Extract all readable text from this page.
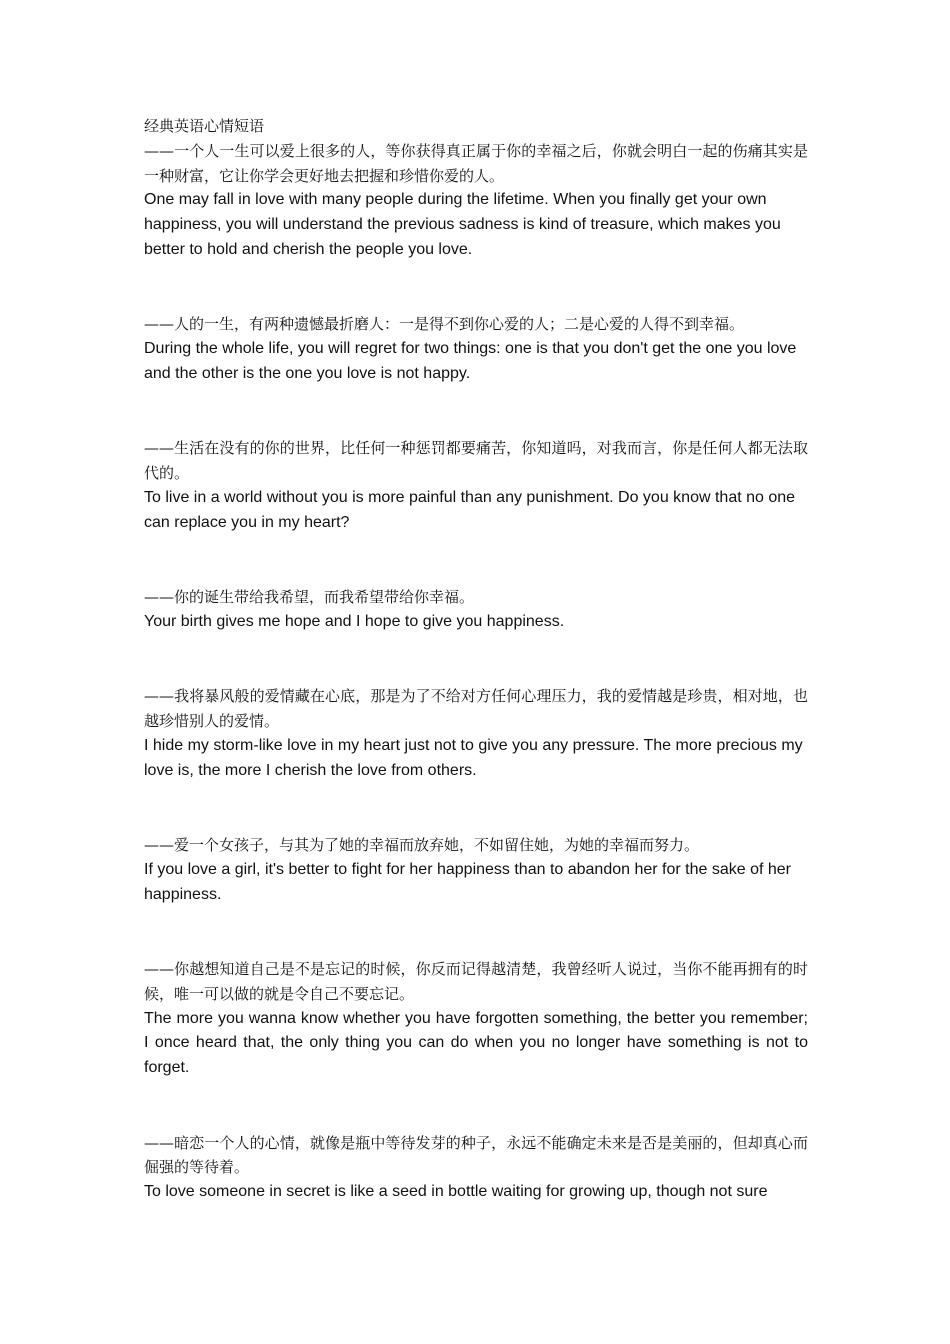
经典英语心情短语

——一个人一生可以爱上很多的人，等你获得真正属于你的幸福之后，你就会明白一起的伤痛其实是一种财富，它让你学会更好地去把握和珍惜你爱的人。

One may fall in love with many people during the lifetime. When you finally get your own happiness, you will understand the previous sadness is kind of treasure, which makes you better to hold and cherish the people you love.

——人的一生，有两种遗憾最折磨人：一是得不到你心爱的人；二是心爱的人得不到幸福。

During the whole life, you will regret for two things: one is that you don't get the one you love and the other is the one you love is not happy.

——生活在没有的你的世界，比任何一种惩罚都要痛苦，你知道吗，对我而言，你是任何人都无法取代的。

To live in a world without you is more painful than any punishment. Do you know that no one can replace you in my heart?

——你的诞生带给我希望，而我希望带给你幸福。

Your birth gives me hope and I hope to give you happiness.

——我将暴风般的爱情藏在心底，那是为了不给对方任何心理压力，我的爱情越是珍贵，相对地，也越珍惜别人的爱情。

I hide my storm-like love in my heart just not to give you any pressure. The more precious my love is, the more I cherish the love from others.

——爱一个女孩子，与其为了她的幸福而放弃她，不如留住她，为她的幸福而努力。

If you love a girl, it's better to fight for her happiness than to abandon her for the sake of her happiness.

——你越想知道自己是不是忘记的时候，你反而记得越清楚，我曾经听人说过，当你不能再拥有的时候，唯一可以做的就是令自己不要忘记。

The more you wanna know whether you have forgotten something, the better you remember; I once heard that, the only thing you can do when you no longer have something is not to forget.

——暗恋一个人的心情，就像是瓶中等待发芽的种子，永远不能确定未来是否是美丽的，但却真心而倔强的等待着。

To love someone in secret is like a seed in bottle waiting for growing up, though not sure
